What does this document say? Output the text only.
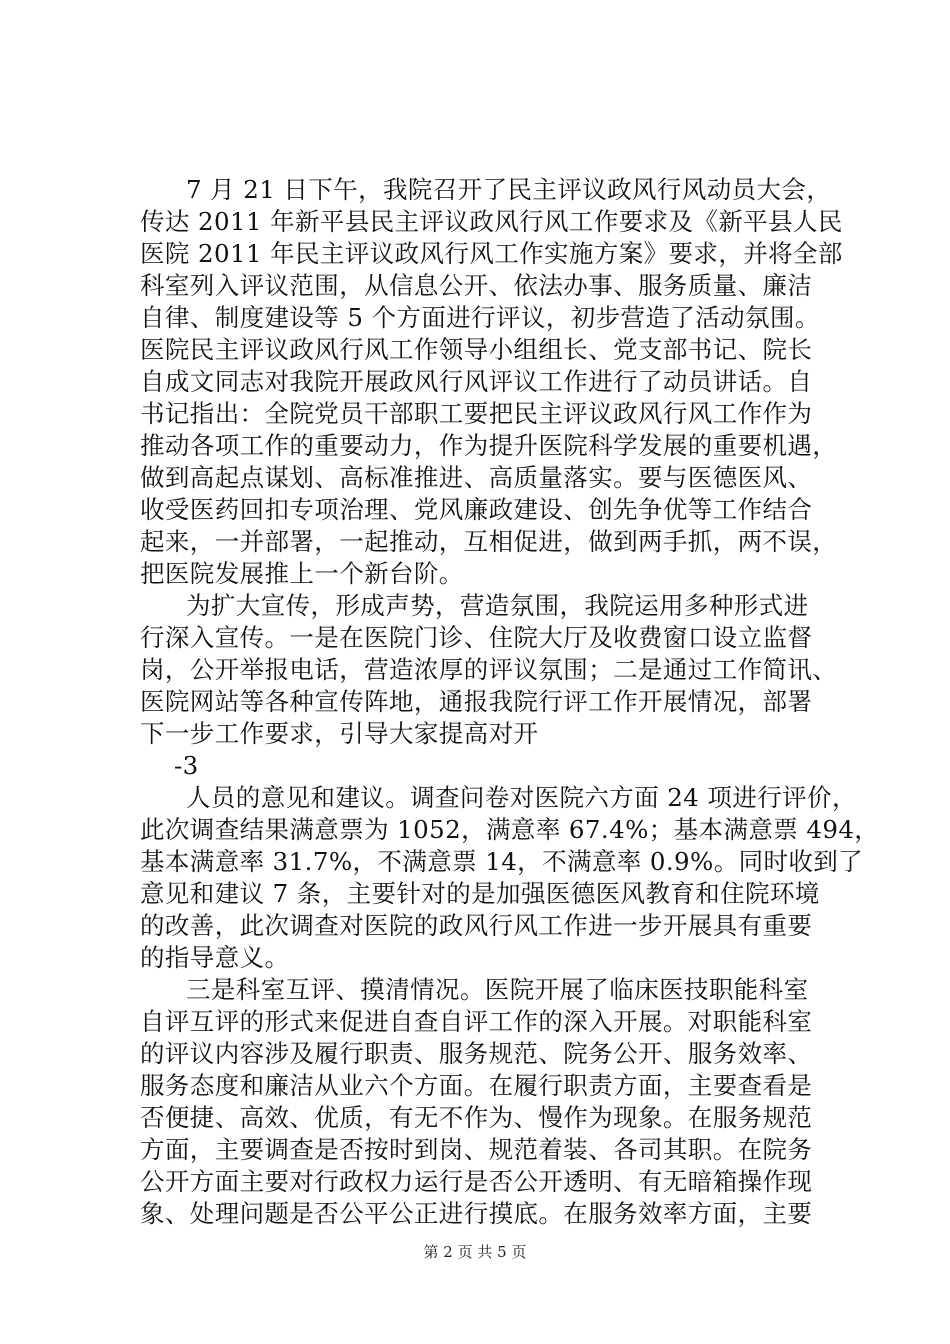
7 月 21 日下午，我院召开了民主评议政风行风动员大会，
传达 2011 年新平县民主评议政风行风工作要求及《新平县人民
医院 2011 年民主评议政风行风工作实施方案》要求，并将全部
科室列入评议范围，从信息公开、依法办事、服务质量、廉洁
自律、制度建设等 5 个方面进行评议，初步营造了活动氛围。
医院民主评议政风行风工作领导小组组长、党支部书记、院长
自成文同志对我院开展政风行风评议工作进行了动员讲话。自
书记指出：全院党员干部职工要把民主评议政风行风工作作为
推动各项工作的重要动力，作为提升医院科学发展的重要机遇，
做到高起点谋划、高标准推进、高质量落实。要与医德医风、
收受医药回扣专项治理、党风廉政建设、创先争优等工作结合
起来，一并部署，一起推动，互相促进，做到两手抓，两不误，
把医院发展推上一个新台阶。
为扩大宣传，形成声势，营造氛围，我院运用多种形式进
行深入宣传。一是在医院门诊、住院大厅及收费窗口设立监督
岗，公开举报电话，营造浓厚的评议氛围；二是通过工作简讯、
医院网站等各种宣传阵地，通报我院行评工作开展情况，部署
下一步工作要求，引导大家提高对开
-3
人员的意见和建议。调查问卷对医院六方面 24 项进行评价，
此次调查结果满意票为 1052，满意率 67.4%；基本满意票 494，
基本满意率 31.7%，不满意票 14，不满意率 0.9%。同时收到了
意见和建议 7 条，主要针对的是加强医德医风教育和住院环境
的改善，此次调查对医院的政风行风工作进一步开展具有重要
的指导意义。
三是科室互评、摸清情况。医院开展了临床医技职能科室
自评互评的形式来促进自查自评工作的深入开展。对职能科室
的评议内容涉及履行职责、服务规范、院务公开、服务效率、
服务态度和廉洁从业六个方面。在履行职责方面，主要查看是
否便捷、高效、优质，有无不作为、慢作为现象。在服务规范
方面，主要调查是否按时到岗、规范着装、各司其职。在院务
公开方面主要对行政权力运行是否公开透明、有无暗箱操作现
象、处理问题是否公平公正进行摸底。在服务效率方面，主要
第 2 页 共 5 页
